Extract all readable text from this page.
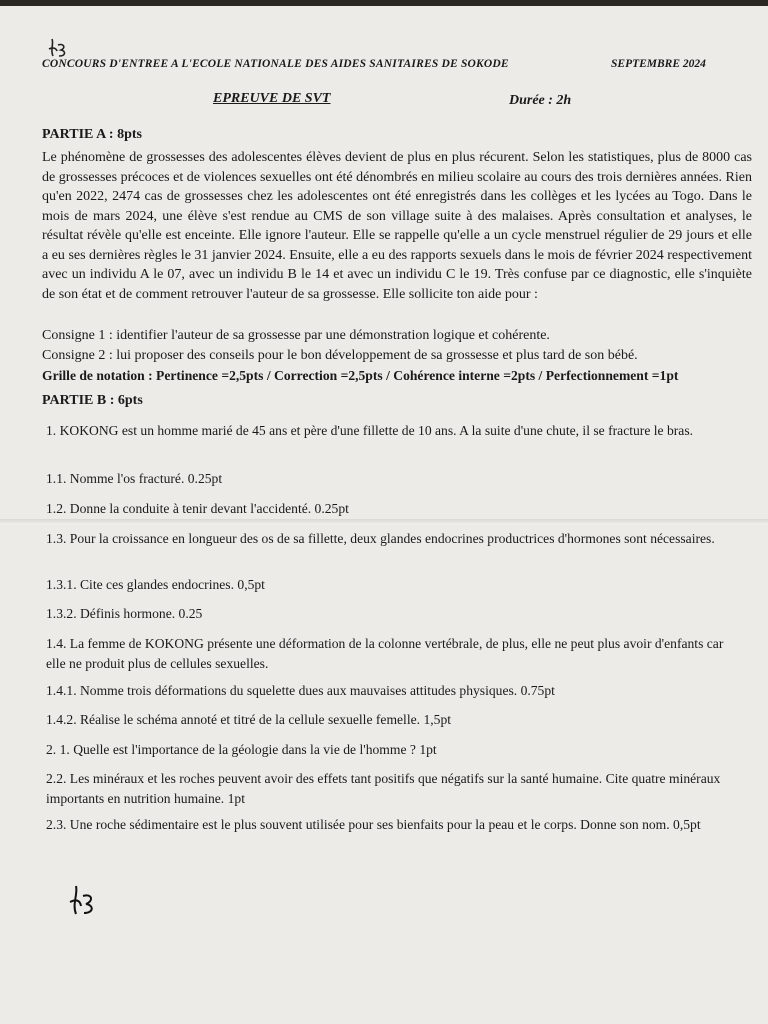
CONCOURS D'ENTREE A L'ECOLE NATIONALE DES AIDES SANITAIRES DE SOKODE	SEPTEMBRE 2024
EPREUVE DE SVT	Durée : 2h
PARTIE A : 8pts
Le phénomène de grossesses des adolescentes élèves devient de plus en plus récurent. Selon les statistiques, plus de 8000 cas de grossesses précoces et de violences sexuelles ont été dénombrés en milieu scolaire au cours des trois dernières années. Rien qu'en 2022, 2474 cas de grossesses chez les adolescentes ont été enregistrés dans les collèges et les lycées au Togo. Dans le mois de mars 2024, une élève s'est rendue au CMS de son village suite à des malaises. Après consultation et analyses, le résultat révèle qu'elle est enceinte. Elle ignore l'auteur. Elle se rappelle qu'elle a un cycle menstruel régulier de 29 jours et elle a eu ses dernières règles le 31 janvier 2024. Ensuite, elle a eu des rapports sexuels dans le mois de février 2024 respectivement avec un individu A le 07, avec un individu B le 14 et avec un individu C le 19. Très confuse par ce diagnostic, elle s'inquiète de son état et de comment retrouver l'auteur de sa grossesse. Elle sollicite ton aide pour :
Consigne 1 : identifier l'auteur de sa grossesse par une démonstration logique et cohérente.
Consigne 2 : lui proposer des conseils pour le bon développement de sa grossesse et plus tard de son bébé.
Grille de notation : Pertinence =2,5pts / Correction =2,5pts / Cohérence interne =2pts / Perfectionnement =1pt
PARTIE B : 6pts
1. KOKONG est un homme marié de 45 ans et père d'une fillette de 10 ans. A la suite d'une chute, il se fracture le bras.
1.1. Nomme l'os fracturé. 0.25pt
1.2. Donne la conduite à tenir devant l'accidenté. 0.25pt
1.3. Pour la croissance en longueur des os de sa fillette, deux glandes endocrines productrices d'hormones sont nécessaires.
1.3.1. Cite ces glandes endocrines. 0,5pt
1.3.2. Définis hormone. 0.25
1.4. La femme de KOKONG présente une déformation de la colonne vertébrale, de plus, elle ne peut plus avoir d'enfants car elle ne produit plus de cellules sexuelles.
1.4.1. Nomme trois déformations du squelette dues aux mauvaises attitudes physiques. 0.75pt
1.4.2. Réalise le schéma annoté et titré de la cellule sexuelle femelle. 1,5pt
2. 1. Quelle est l'importance de la géologie dans la vie de l'homme ? 1pt
2.2. Les minéraux et les roches peuvent avoir des effets tant positifs que négatifs sur la santé humaine. Cite quatre minéraux importants en nutrition humaine. 1pt
2.3. Une roche sédimentaire est le plus souvent utilisée pour ses bienfaits pour la peau et le corps. Donne son nom. 0,5pt
